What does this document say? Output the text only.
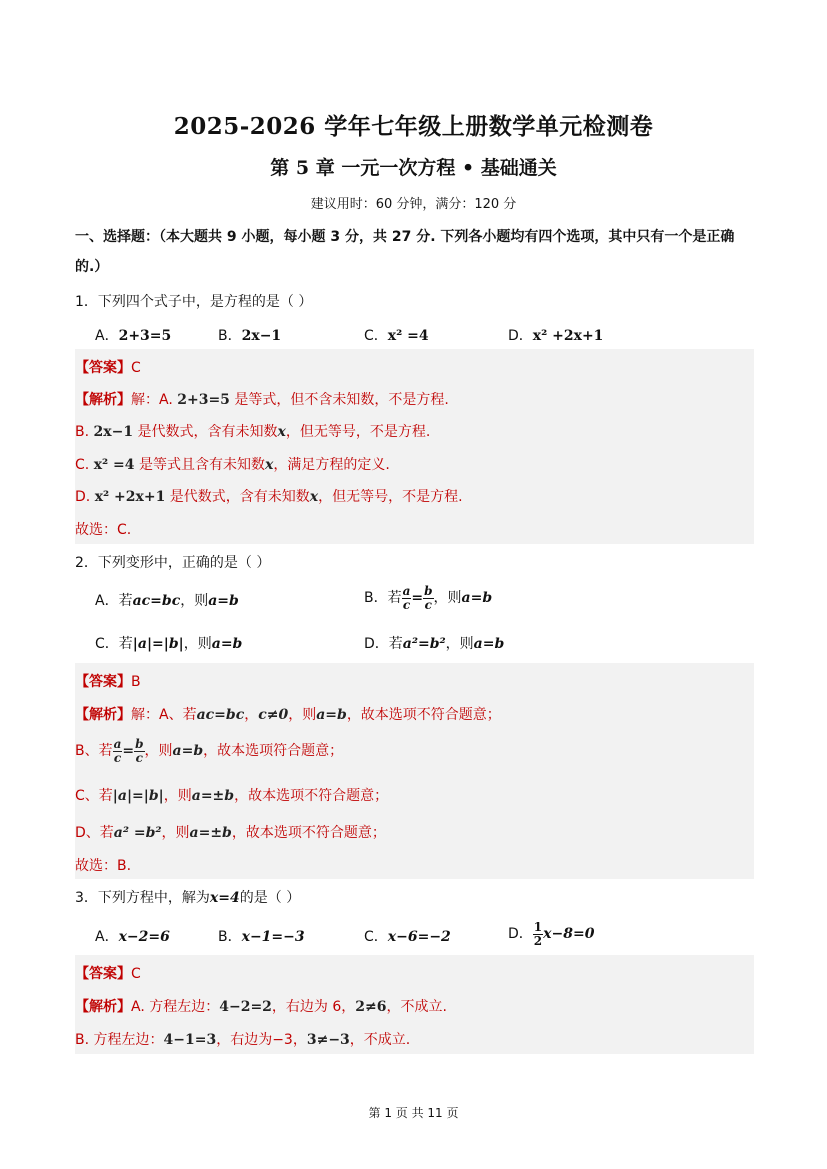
2025-2026 学年七年级上册数学单元检测卷
第 5 章 一元一次方程 • 基础通关
建议用时：60 分钟，满分：120 分
一、选择题：（本大题共 9 小题，每小题 3 分，共 27 分. 下列各小题均有四个选项，其中只有一个是正确的.）
1．下列四个式子中，是方程的是（ ）
A．2+3=5	B．2x−1	C．x² =4	D．x² +2x+1
【答案】C
【解析】解：A. 2+3=5 是等式，但不含未知数，不是方程.
B. 2x−1 是代数式，含有未知数x，但无等号，不是方程.
C. x² =4 是等式且含有未知数x，满足方程的定义.
D. x² +2x+1 是代数式，含有未知数x，但无等号，不是方程.
故选：C.
2．下列变形中，正确的是（ ）
A．若ac=bc，则a=b	B．若 $\frac{a}{c} = \frac{b}{c}$ ，则a=b
C．若|a|=|b|，则a=b	D．若a²=b²，则a=b
【答案】B
【解析】解：A、若ac=bc，c≠0，则a=b，故本选项不符合题意；
B、若 $\frac{a}{c} = \frac{b}{c}$ ，则a=b，故本选项符合题意；
C、若|a|=|b|，则a=±b，故本选项不符合题意；
D、若a² =b²，则a=±b，故本选项不符合题意；
故选：B.
3．下列方程中，解为x=4的是（ ）
A．x−2=6	B．x−1=−3	C．x−6=−2	D． $\frac{1}{2} x-8=0$
【答案】C
【解析】A. 方程左边：4−2=2，右边为 6，2≠6，不成立.
B. 方程左边：4−1=3，右边为−3，3≠−3，不成立.
第 1 页 共 11 页
